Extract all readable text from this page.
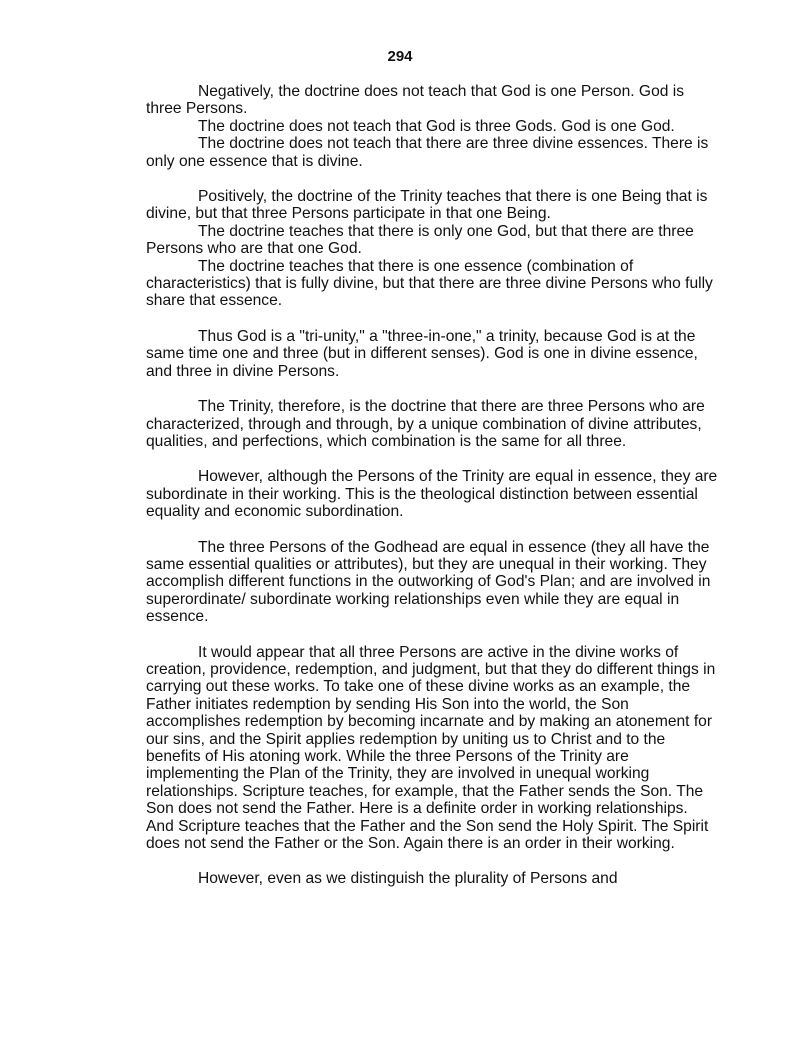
294

Negatively, the doctrine does not teach that God is one Person. God is three Persons.

The doctrine does not teach that God is three Gods. God is one God.

The doctrine does not teach that there are three divine essences. There is only one essence that is divine.

Positively, the doctrine of the Trinity teaches that there is one Being that is divine, but that three Persons participate in that one Being.

The doctrine teaches that there is only one God, but that there are three Persons who are that one God.

The doctrine teaches that there is one essence (combination of characteristics) that is fully divine, but that there are three divine Persons who fully share that essence.

Thus God is a "tri-unity," a "three-in-one," a trinity, because God is at the same time one and three (but in different senses). God is one in divine essence, and three in divine Persons.

The Trinity, therefore, is the doctrine that there are three Persons who are characterized, through and through, by a unique combination of divine attributes, qualities, and perfections, which combination is the same for all three.

However, although the Persons of the Trinity are equal in essence, they are subordinate in their working. This is the theological distinction between essential equality and economic subordination.

The three Persons of the Godhead are equal in essence (they all have the same essential qualities or attributes), but they are unequal in their working. They accomplish different functions in the outworking of God's Plan; and are involved in superordinate/ subordinate working relationships even while they are equal in essence.

It would appear that all three Persons are active in the divine works of creation, providence, redemption, and judgment, but that they do different things in carrying out these works. To take one of these divine works as an example, the Father initiates redemption by sending His Son into the world, the Son accomplishes redemption by becoming incarnate and by making an atonement for our sins, and the Spirit applies redemption by uniting us to Christ and to the benefits of His atoning work. While the three Persons of the Trinity are implementing the Plan of the Trinity, they are involved in unequal working relationships. Scripture teaches, for example, that the Father sends the Son. The Son does not send the Father. Here is a definite order in working relationships. And Scripture teaches that the Father and the Son send the Holy Spirit. The Spirit does not send the Father or the Son. Again there is an order in their working.

However, even as we distinguish the plurality of Persons and
